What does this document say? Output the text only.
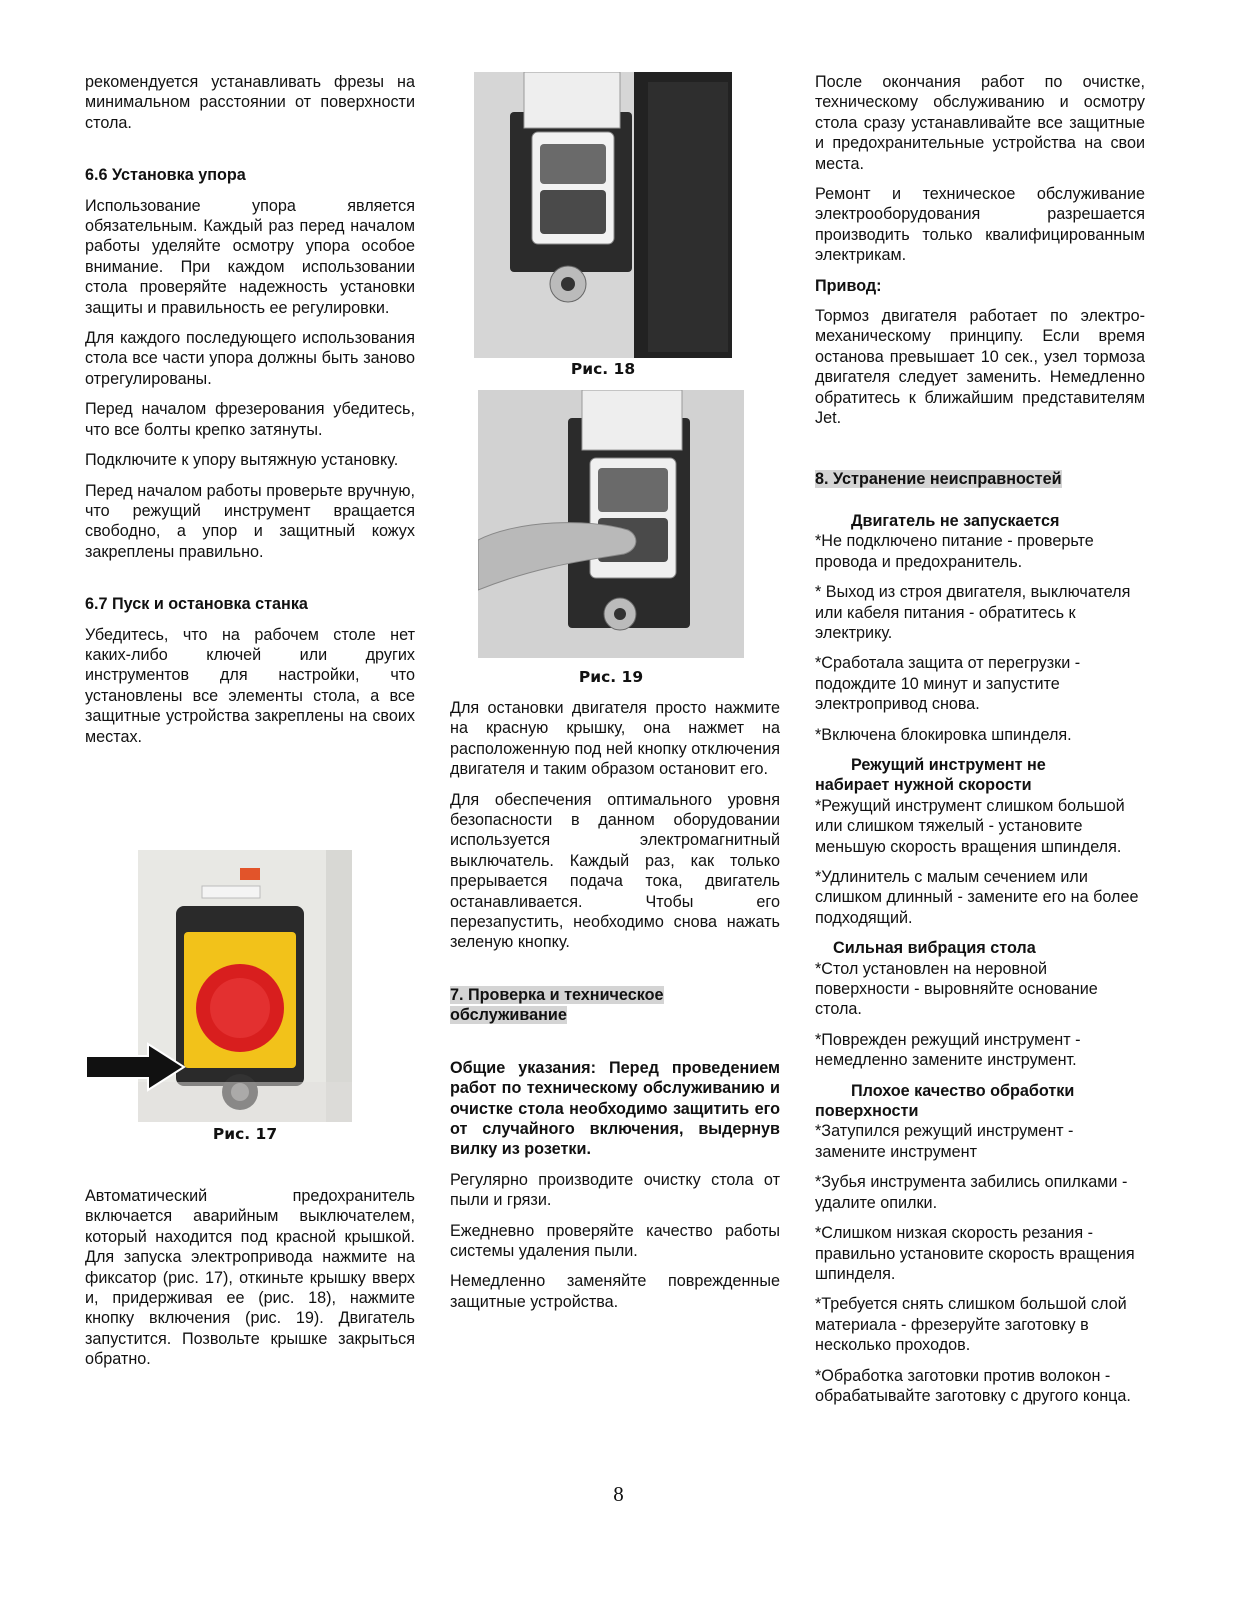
рекомендуется устанавливать фрезы на минимальном расстоянии от поверхности стола.

6.6 Установка упора

Использование упора является обязательным. Каждый раз перед началом работы уделяйте осмотру упора особое внимание. При каждом использовании стола проверяйте надежность установки защиты и правильность ее регулировки.

Для каждого последующего использования стола все части упора должны быть заново отрегулированы.

Перед началом фрезерования убедитесь, что все болты крепко затянуты.

Подключите к упору вытяжную установку.

Перед началом работы проверьте вручную, что режущий инструмент вращается свободно, а упор и защитный кожух закреплены правильно.

6.7 Пуск и остановка станка

Убедитесь, что на рабочем столе нет каких-либо ключей или других инструментов для настройки, что установлены все элементы стола, а все защитные устройства закреплены на своих местах.

Рис. 17

Автоматический предохранитель включается аварийным выключателем, который находится под красной крышкой. Для запуска электропривода нажмите на фиксатор (рис. 17), откиньте крышку вверх и, придерживая ее (рис. 18), нажмите кнопку включения (рис. 19). Двигатель запустится. Позвольте крышке закрыться обратно.

Рис. 18
Рис. 19

Для остановки двигателя просто нажмите на красную крышку, она нажмет на расположенную под ней кнопку отключения двигателя и таким образом остановит его.

Для обеспечения оптимального уровня безопасности в данном оборудовании используется электромагнитный выключатель. Каждый раз, как только прерывается подача тока, двигатель останавливается. Чтобы его перезапустить, необходимо снова нажать зеленую кнопку.

7. Проверка и техническое
обслуживание

Общие указания: Перед проведением работ по техническому обслуживанию и очистке стола необходимо защитить его от случайного включения, выдернув вилку из розетки.

Регулярно производите очистку стола от пыли и грязи.

Ежедневно проверяйте качество работы системы удаления пыли.

Немедленно заменяйте поврежденные защитные устройства.

После окончания работ по очистке, техническому обслуживанию и осмотру стола сразу устанавливайте все защитные и предохранительные устройства на свои места.

Ремонт и техническое обслуживание электрооборудования разрешается производить только квалифицированным электрикам.

Привод:

Тормоз двигателя работает по электро-механическому принципу. Если время останова превышает 10 сек., узел тормоза двигателя следует заменить. Немедленно обратитесь к ближайшим представителям Jet.

8. Устранение неисправностей
Двигатель не запускается

*Не подключено питание - проверьте провода и предохранитель.

* Выход из строя двигателя, выключателя или кабеля питания - обратитесь к электрику.

*Сработала защита от перегрузки - подождите 10 минут и запустите электропривод снова.

*Включена блокировка шпинделя.

Режущий инструмент не
набирает нужной скорости

*Режущий инструмент слишком большой или слишком тяжелый - установите меньшую скорость вращения шпинделя.

*Удлинитель с малым сечением или слишком длинный - замените его на более подходящий.

Сильная вибрация стола

*Стол установлен на неровной поверхности - выровняйте основание стола.

*Поврежден режущий инструмент - немедленно замените инструмент.

Плохое качество обработки
поверхности

*Затупился режущий инструмент - замените инструмент

*Зубья инструмента забились опилками - удалите опилки.

*Слишком низкая скорость резания - правильно установите скорость вращения шпинделя.

*Требуется снять слишком большой слой материала - фрезеруйте заготовку в несколько проходов.

*Обработка заготовки против волокон - обрабатывайте заготовку с другого конца.

8
